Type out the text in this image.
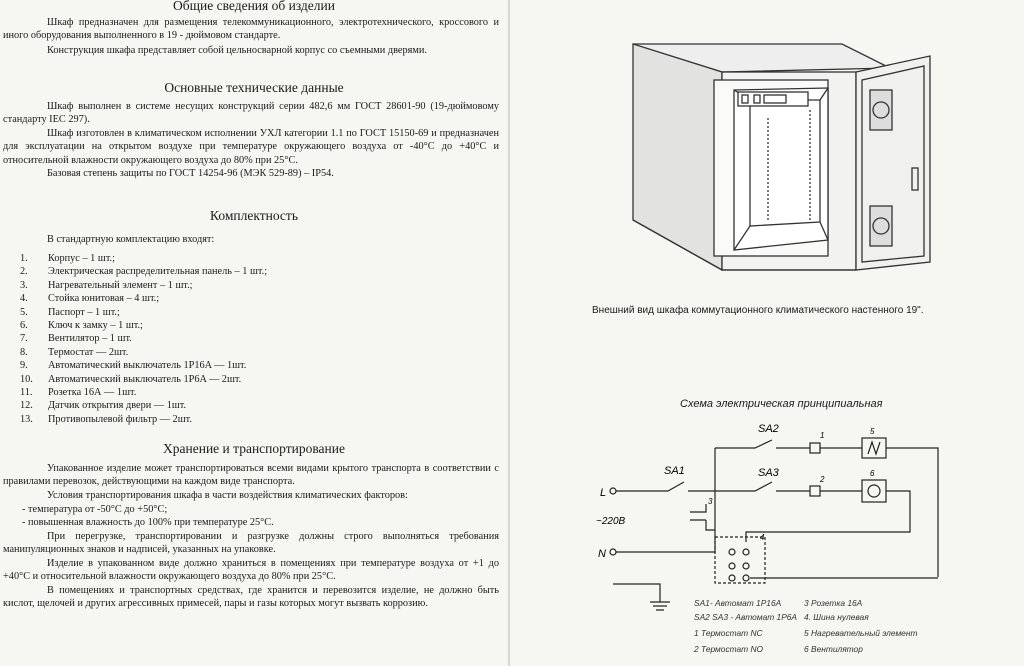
Общие сведения об изделии
Шкаф предназначен для размещения телекоммуникационного, электротехнического, кроссового и иного оборудования выполненного в 19 - дюймовом стандарте.
Конструкция шкафа представляет собой цельносварной корпус со съемными дверями.
Основные технические данные
Шкаф выполнен в системе несущих конструкций серии 482,6 мм ГОСТ 28601-90 (19-дюймовому стандарту IEC 297).
Шкаф изготовлен в климатическом исполнении УХЛ категории 1.1 по ГОСТ 15150-69 и предназначен для эксплуатации на открытом воздухе при температуре окружающего воздуха от -40°C до +40°C и относительной влажности окружающего воздуха до 80% при 25°C.
Базовая степень защиты по ГОСТ 14254-96 (МЭК 529-89) – IP54.
Комплектность
В стандартную комплектацию входят:
1.	Корпус – 1 шт.;
2.	Электрическая распределительная панель – 1 шт.;
3.	Нагревательный элемент – 1 шт.;
4.	Стойка юнитовая – 4 шт.;
5.	Паспорт – 1 шт.;
6.	Ключ к замку – 1 шт.;
7.	Вентилятор – 1 шт.
8.	Термостат — 2шт.
9.	Автоматический выключатель 1P16A — 1шт.
10.	Автоматический выключатель 1P6A — 2шт.
11.	Розетка 16А — 1шт.
12.	Датчик открытия двери — 1шт.
13.	Противопылевой фильтр — 2шт.
Хранение и транспортирование
Упакованное изделие может транспортироваться всеми видами крытого транспорта в соответствии с правилами перевозок, действующими на каждом виде транспорта.
Условия транспортирования шкафа в части воздействия климатических факторов:
- температура от -50°C до +50°C;
- повышенная влажность до 100% при температуре 25°C.
При перегрузке, транспортировании и разгрузке должны строго выполняться требования манипуляционных знаков и надписей, указанных на упаковке.
Изделие в упакованном виде должно храниться в помещениях при температуре воздуха от +1 до +40°C и относительной влажности окружающего воздуха до 80% при 25°C.
В помещениях и транспортных средствах, где хранится и перевозится изделие, не должно быть кислот, щелочей и других агрессивных примесей, пары и газы которых могут вызвать коррозию.
Внешний вид шкафа коммутационного климатического настенного 19".
Схема электрическая принципиальная
L
N
~220В
SA1
SA2
SA3
1
2
3
4
5
6
SA1- Автомат 1P16A
SA2 SA3 - Автомат 1P6A
1 Термостат NC
2 Термостат NO
3 Розетка 16А
4. Шина нулевая
5 Нагревательный элемент
6 Вентилятор
